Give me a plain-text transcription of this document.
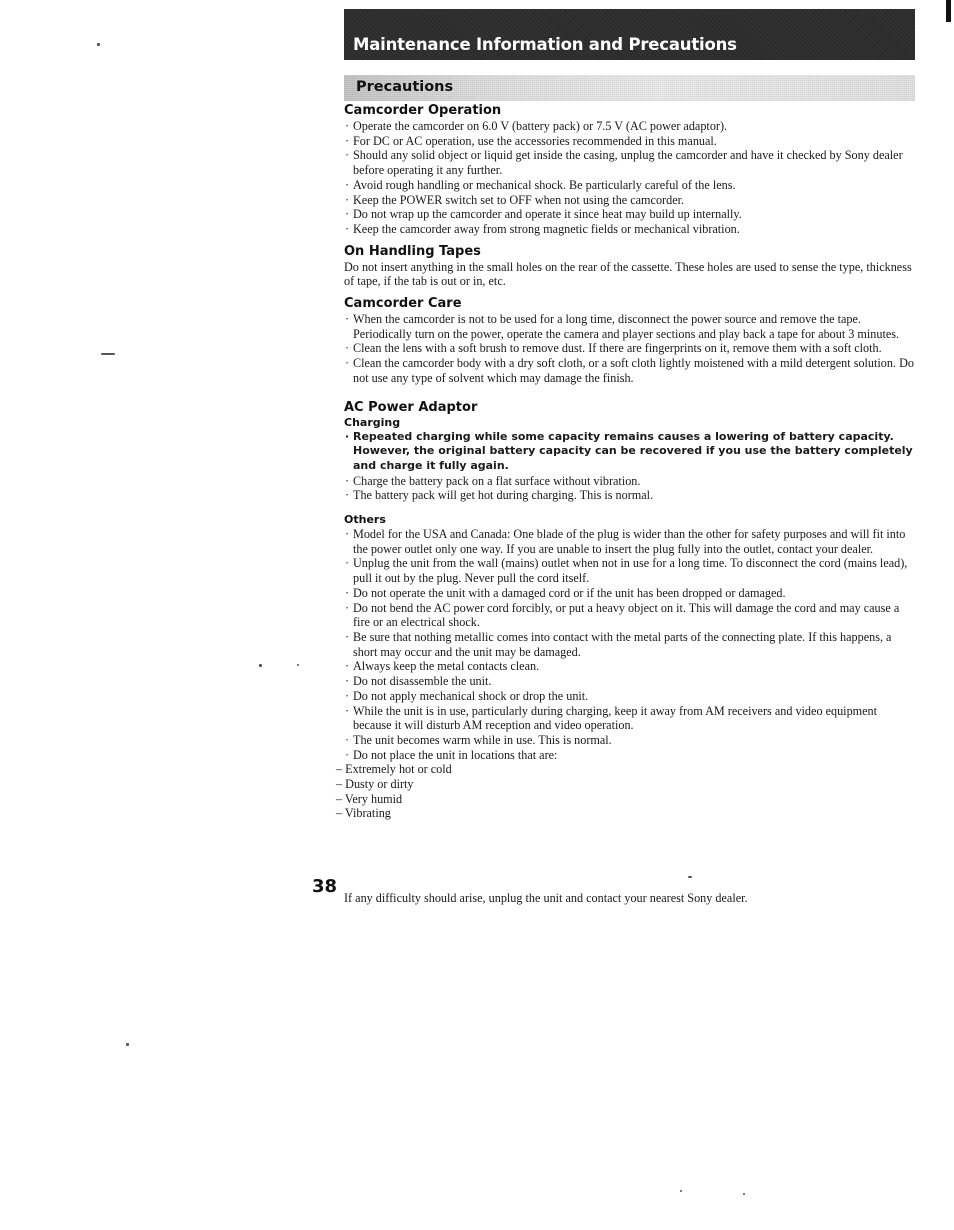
Maintenance Information and Precautions
Precautions
Camcorder Operation
· Operate the camcorder on 6.0 V (battery pack) or 7.5 V (AC power adaptor).
· For DC or AC operation, use the accessories recommended in this manual.
· Should any solid object or liquid get inside the casing, unplug the camcorder and have it checked by Sony dealer before operating it any further.
· Avoid rough handling or mechanical shock. Be particularly careful of the lens.
· Keep the POWER switch set to OFF when not using the camcorder.
· Do not wrap up the camcorder and operate it since heat may build up internally.
· Keep the camcorder away from strong magnetic fields or mechanical vibration.
On Handling Tapes

Do not insert anything in the small holes on the rear of the cassette. These holes are used to sense the type, thickness of tape, if the tab is out or in, etc.

Camcorder Care
· When the camcorder is not to be used for a long time, disconnect the power source and remove the tape. Periodically turn on the power, operate the camera and player sections and play back a tape for about 3 minutes.
· Clean the lens with a soft brush to remove dust. If there are fingerprints on it, remove them with a soft cloth.
· Clean the camcorder body with a dry soft cloth, or a soft cloth lightly moistened with a mild detergent solution. Do not use any type of solvent which may damage the finish.
AC Power Adaptor
Charging
· Repeated charging while some capacity remains causes a lowering of battery capacity. However, the original battery capacity can be recovered if you use the battery completely and charge it fully again.
· Charge the battery pack on a flat surface without vibration.
· The battery pack will get hot during charging. This is normal.
Others
· Model for the USA and Canada: One blade of the plug is wider than the other for safety purposes and will fit into the power outlet only one way. If you are unable to insert the plug fully into the outlet, contact your dealer.
· Unplug the unit from the wall (mains) outlet when not in use for a long time. To disconnect the cord (mains lead), pull it out by the plug. Never pull the cord itself.
· Do not operate the unit with a damaged cord or if the unit has been dropped or damaged.
· Do not bend the AC power cord forcibly, or put a heavy object on it. This will damage the cord and may cause a fire or an electrical shock.
· Be sure that nothing metallic comes into contact with the metal parts of the connecting plate. If this happens, a short may occur and the unit may be damaged.
· Always keep the metal contacts clean.
· Do not disassemble the unit.
· Do not apply mechanical shock or drop the unit.
· While the unit is in use, particularly during charging, keep it away from AM receivers and video equipment because it will disturb AM reception and video operation.
· The unit becomes warm while in use. This is normal.
· Do not place the unit in locations that are:
– Extremely hot or cold
– Dusty or dirty
– Very humid
– Vibrating
38

If any difficulty should arise, unplug the unit and contact your nearest Sony dealer.
